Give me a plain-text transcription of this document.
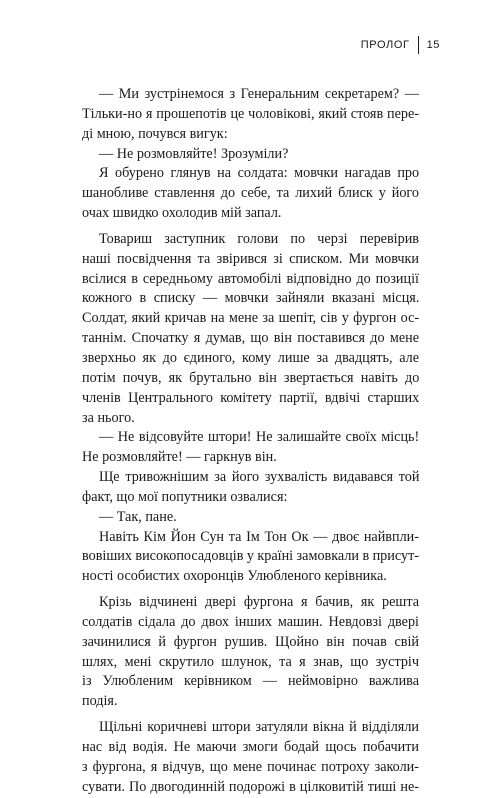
ПРОЛОГ	15
— Ми зустрінемося з Генеральним секретарем? —
Тільки-но я прошепотів це чоловікові, який стояв пере-
ді мною, почувся вигук:
— Не розмовляйте! Зрозуміли?
Я обурено глянув на солдата: мовчки нагадав про
шанобливе ставлення до себе, та лихий блиск у його
очах швидко охолодив мій запал.
Товариш заступник голови по черзі перевірив
наші посвідчення та звірився зі списком. Ми мовчки
всілися в середньому автомобілі відповідно до позиції
кожного в списку — мовчки зайняли вказані місця.
Солдат, який кричав на мене за шепіт, сів у фургон ос-
таннім. Спочатку я думав, що він поставився до мене
зверхньо як до єдиного, кому лише за двадцять, але
потім почув, як брутально він звертається навіть до
членів Центрального комітету партії, вдвічі старших
за нього.
— Не відсовуйте штори! Не залишайте своїх місць!
Не розмовляйте! — гаркнув він.
Ще тривожнішим за його зухвалість видавався той
факт, що мої попутники озвалися:
— Так, пане.
Навіть Кім Йон Сун та Ім Тон Ок — двоє найвпли-
вовіших високопосадовців у країні замовкали в присут-
ності особистих охоронців Улюбленого керівника.
Крізь відчинені двері фургона я бачив, як решта
солдатів сідала до двох інших машин. Невдовзі двері
зачинилися й фургон рушив. Щойно він почав свій
шлях, мені скрутило шлунок, та я знав, що зустріч
із Улюбленим керівником — неймовірно важлива
подія.
Щільні коричневі штори затуляли вікна й відділяли
нас від водія. Не маючи змоги бодай щось побачити
з фургона, я відчув, що мене починає потроху заколи-
сувати. По двогодинній подорожі в цілковитій тиші не-
